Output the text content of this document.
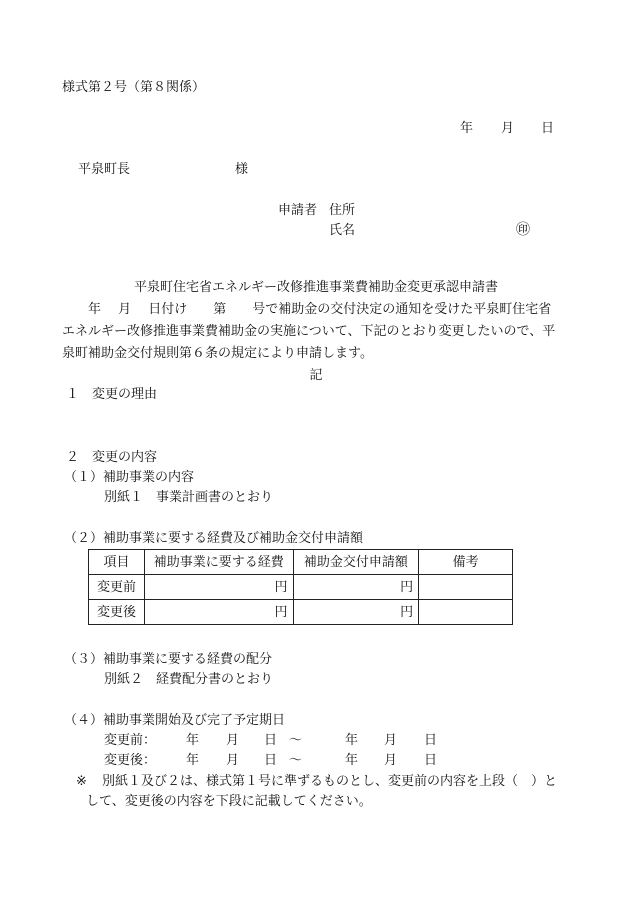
様式第２号（第８関係）
年 月 日
平泉町長	様
申請者 住所
氏名	㊞
平泉町住宅省エネルギー改修推進事業費補助金変更承認申請書
　　年　 月　 日付け　　第　　号で補助金の交付決定の通知を受けた平泉町住宅省
エネルギー改修推進事業費補助金の実施について、下記のとおり変更したいので、平
泉町補助金交付規則第６条の規定により申請します。
記
１　変更の理由
２　変更の内容
（１）補助事業の内容
別紙１　事業計画書のとおり
（２）補助事業に要する経費及び補助金交付申請額
項目	補助事業に要する経費	補助金交付申請額	備考
変更前	円	円	
変更後	円	円	
（３）補助事業に要する経費の配分
別紙２　経費配分書のとおり
（４）補助事業開始及び完了予定期日
変更前： 年 月 日 ～	年 月 日
変更後： 年 月 日 ～	年 月 日
※ 別紙１及び２は、様式第１号に準ずるものとし、変更前の内容を上段（　）と
して、変更後の内容を下段に記載してください。
